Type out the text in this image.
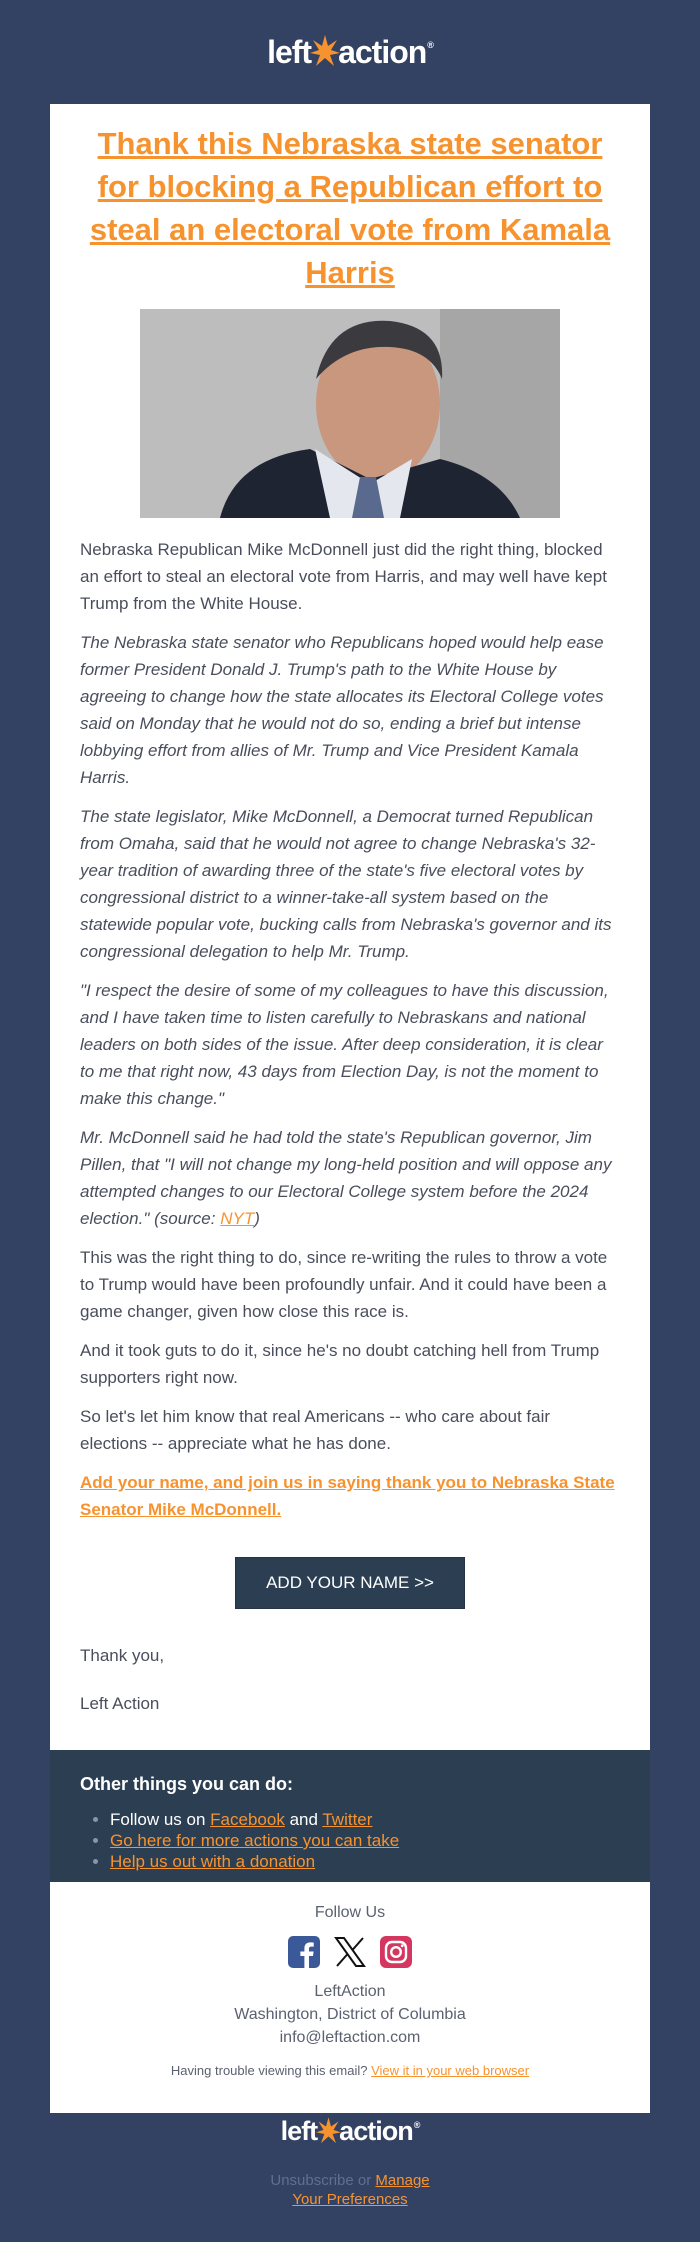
left action ®
Thank this Nebraska state senator for blocking a Republican effort to steal an electoral vote from Kamala Harris

Nebraska Republican Mike McDonnell just did the right thing, blocked an effort to steal an electoral vote from Harris, and may well have kept Trump from the White House.

The Nebraska state senator who Republicans hoped would help ease former President Donald J. Trump's path to the White House by agreeing to change how the state allocates its Electoral College votes said on Monday that he would not do so, ending a brief but intense lobbying effort from allies of Mr. Trump and Vice President Kamala Harris.

The state legislator, Mike McDonnell, a Democrat turned Republican from Omaha, said that he would not agree to change Nebraska's 32-year tradition of awarding three of the state's five electoral votes by congressional district to a winner-take-all system based on the statewide popular vote, bucking calls from Nebraska's governor and its congressional delegation to help Mr. Trump.

"I respect the desire of some of my colleagues to have this discussion, and I have taken time to listen carefully to Nebraskans and national leaders on both sides of the issue. After deep consideration, it is clear to me that right now, 43 days from Election Day, is not the moment to make this change."

Mr. McDonnell said he had told the state's Republican governor, Jim Pillen, that "I will not change my long-held position and will oppose any attempted changes to our Electoral College system before the 2024 election." (source: NYT)

This was the right thing to do, since re-writing the rules to throw a vote to Trump would have been profoundly unfair. And it could have been a game changer, given how close this race is.

And it took guts to do it, since he's no doubt catching hell from Trump supporters right now.

So let's let him know that real Americans -- who care about fair elections -- appreciate what he has done.

Add your name, and join us in saying thank you to Nebraska State Senator Mike McDonnell.

ADD YOUR NAME >>

Thank you,

Left Action

Other things you can do:
• Follow us on Facebook and Twitter
• Go here for more actions you can take
• Help us out with a donation
Follow Us
LeftAction
Washington, District of Columbia
info@leftaction.com
Having trouble viewing this email? View it in your web browser
left action ®
Unsubscribe or Manage
Your Preferences
